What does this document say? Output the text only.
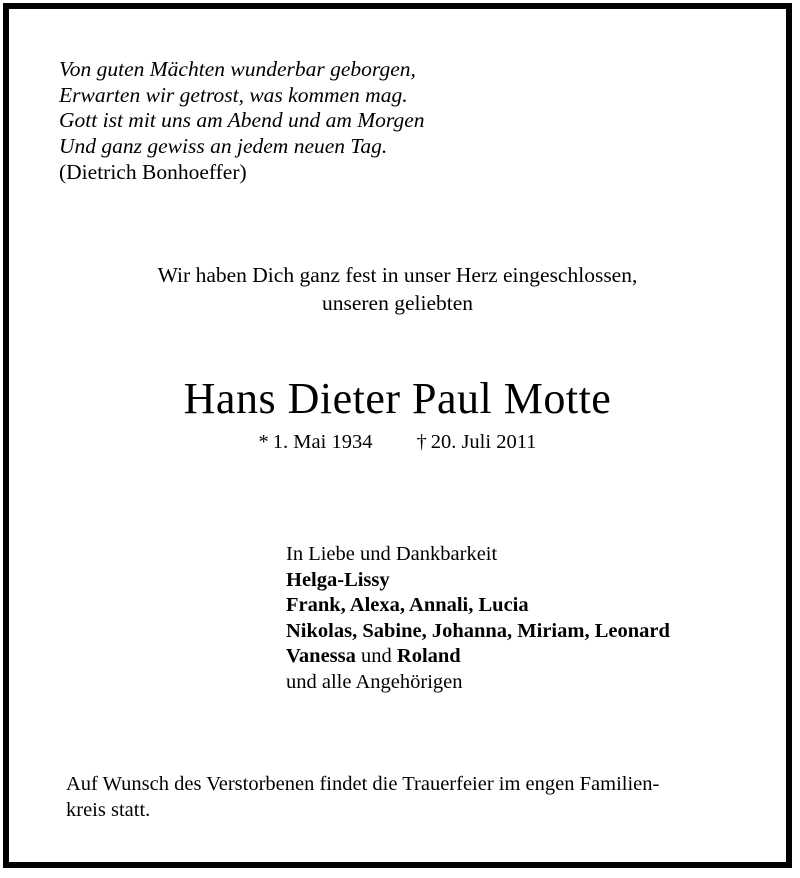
Von guten Mächten wunderbar geborgen,
Erwarten wir getrost, was kommen mag.
Gott ist mit uns am Abend und am Morgen
Und ganz gewiss an jedem neuen Tag.
(Dietrich Bonhoeffer)
Wir haben Dich ganz fest in unser Herz eingeschlossen,
unseren geliebten
Hans Dieter Paul Motte
* 1. Mai 1934 † 20. Juli 2011
In Liebe und Dankbarkeit
Helga-Lissy
Frank, Alexa, Annali, Lucia
Nikolas, Sabine, Johanna, Miriam, Leonard
Vanessa und Roland
und alle Angehörigen
Auf Wunsch des Verstorbenen findet die Trauerfeier im engen Familien-
kreis statt.
